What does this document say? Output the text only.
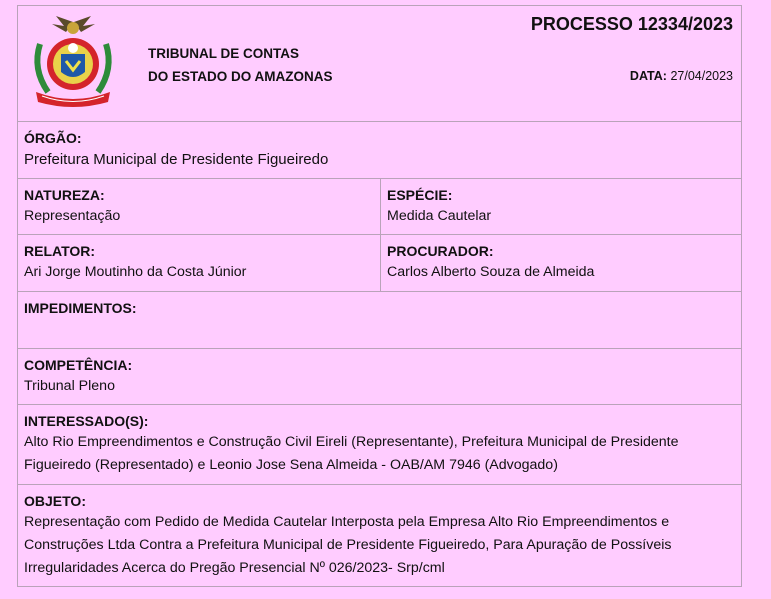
TRIBUNAL DE CONTAS
DO ESTADO DO AMAZONAS
PROCESSO 12334/2023
DATA: 27/04/2023
ÓRGÃO:
Prefeitura Municipal de Presidente Figueiredo
NATUREZA:
Representação
ESPÉCIE:
Medida Cautelar
RELATOR:
Ari Jorge Moutinho da Costa Júnior
PROCURADOR:
Carlos Alberto Souza de Almeida
IMPEDIMENTOS:
COMPETÊNCIA:
Tribunal Pleno
INTERESSADO(S):
Alto Rio Empreendimentos e Construção Civil Eireli (Representante), Prefeitura Municipal de Presidente
Figueiredo (Representado) e Leonio Jose Sena Almeida - OAB/AM 7946 (Advogado)
OBJETO:
Representação com Pedido de Medida Cautelar Interposta pela Empresa Alto Rio Empreendimentos e
Construções Ltda Contra a Prefeitura Municipal de Presidente Figueiredo, Para Apuração de Possíveis
Irregularidades Acerca do Pregão Presencial Nº 026/2023- Srp/cml
